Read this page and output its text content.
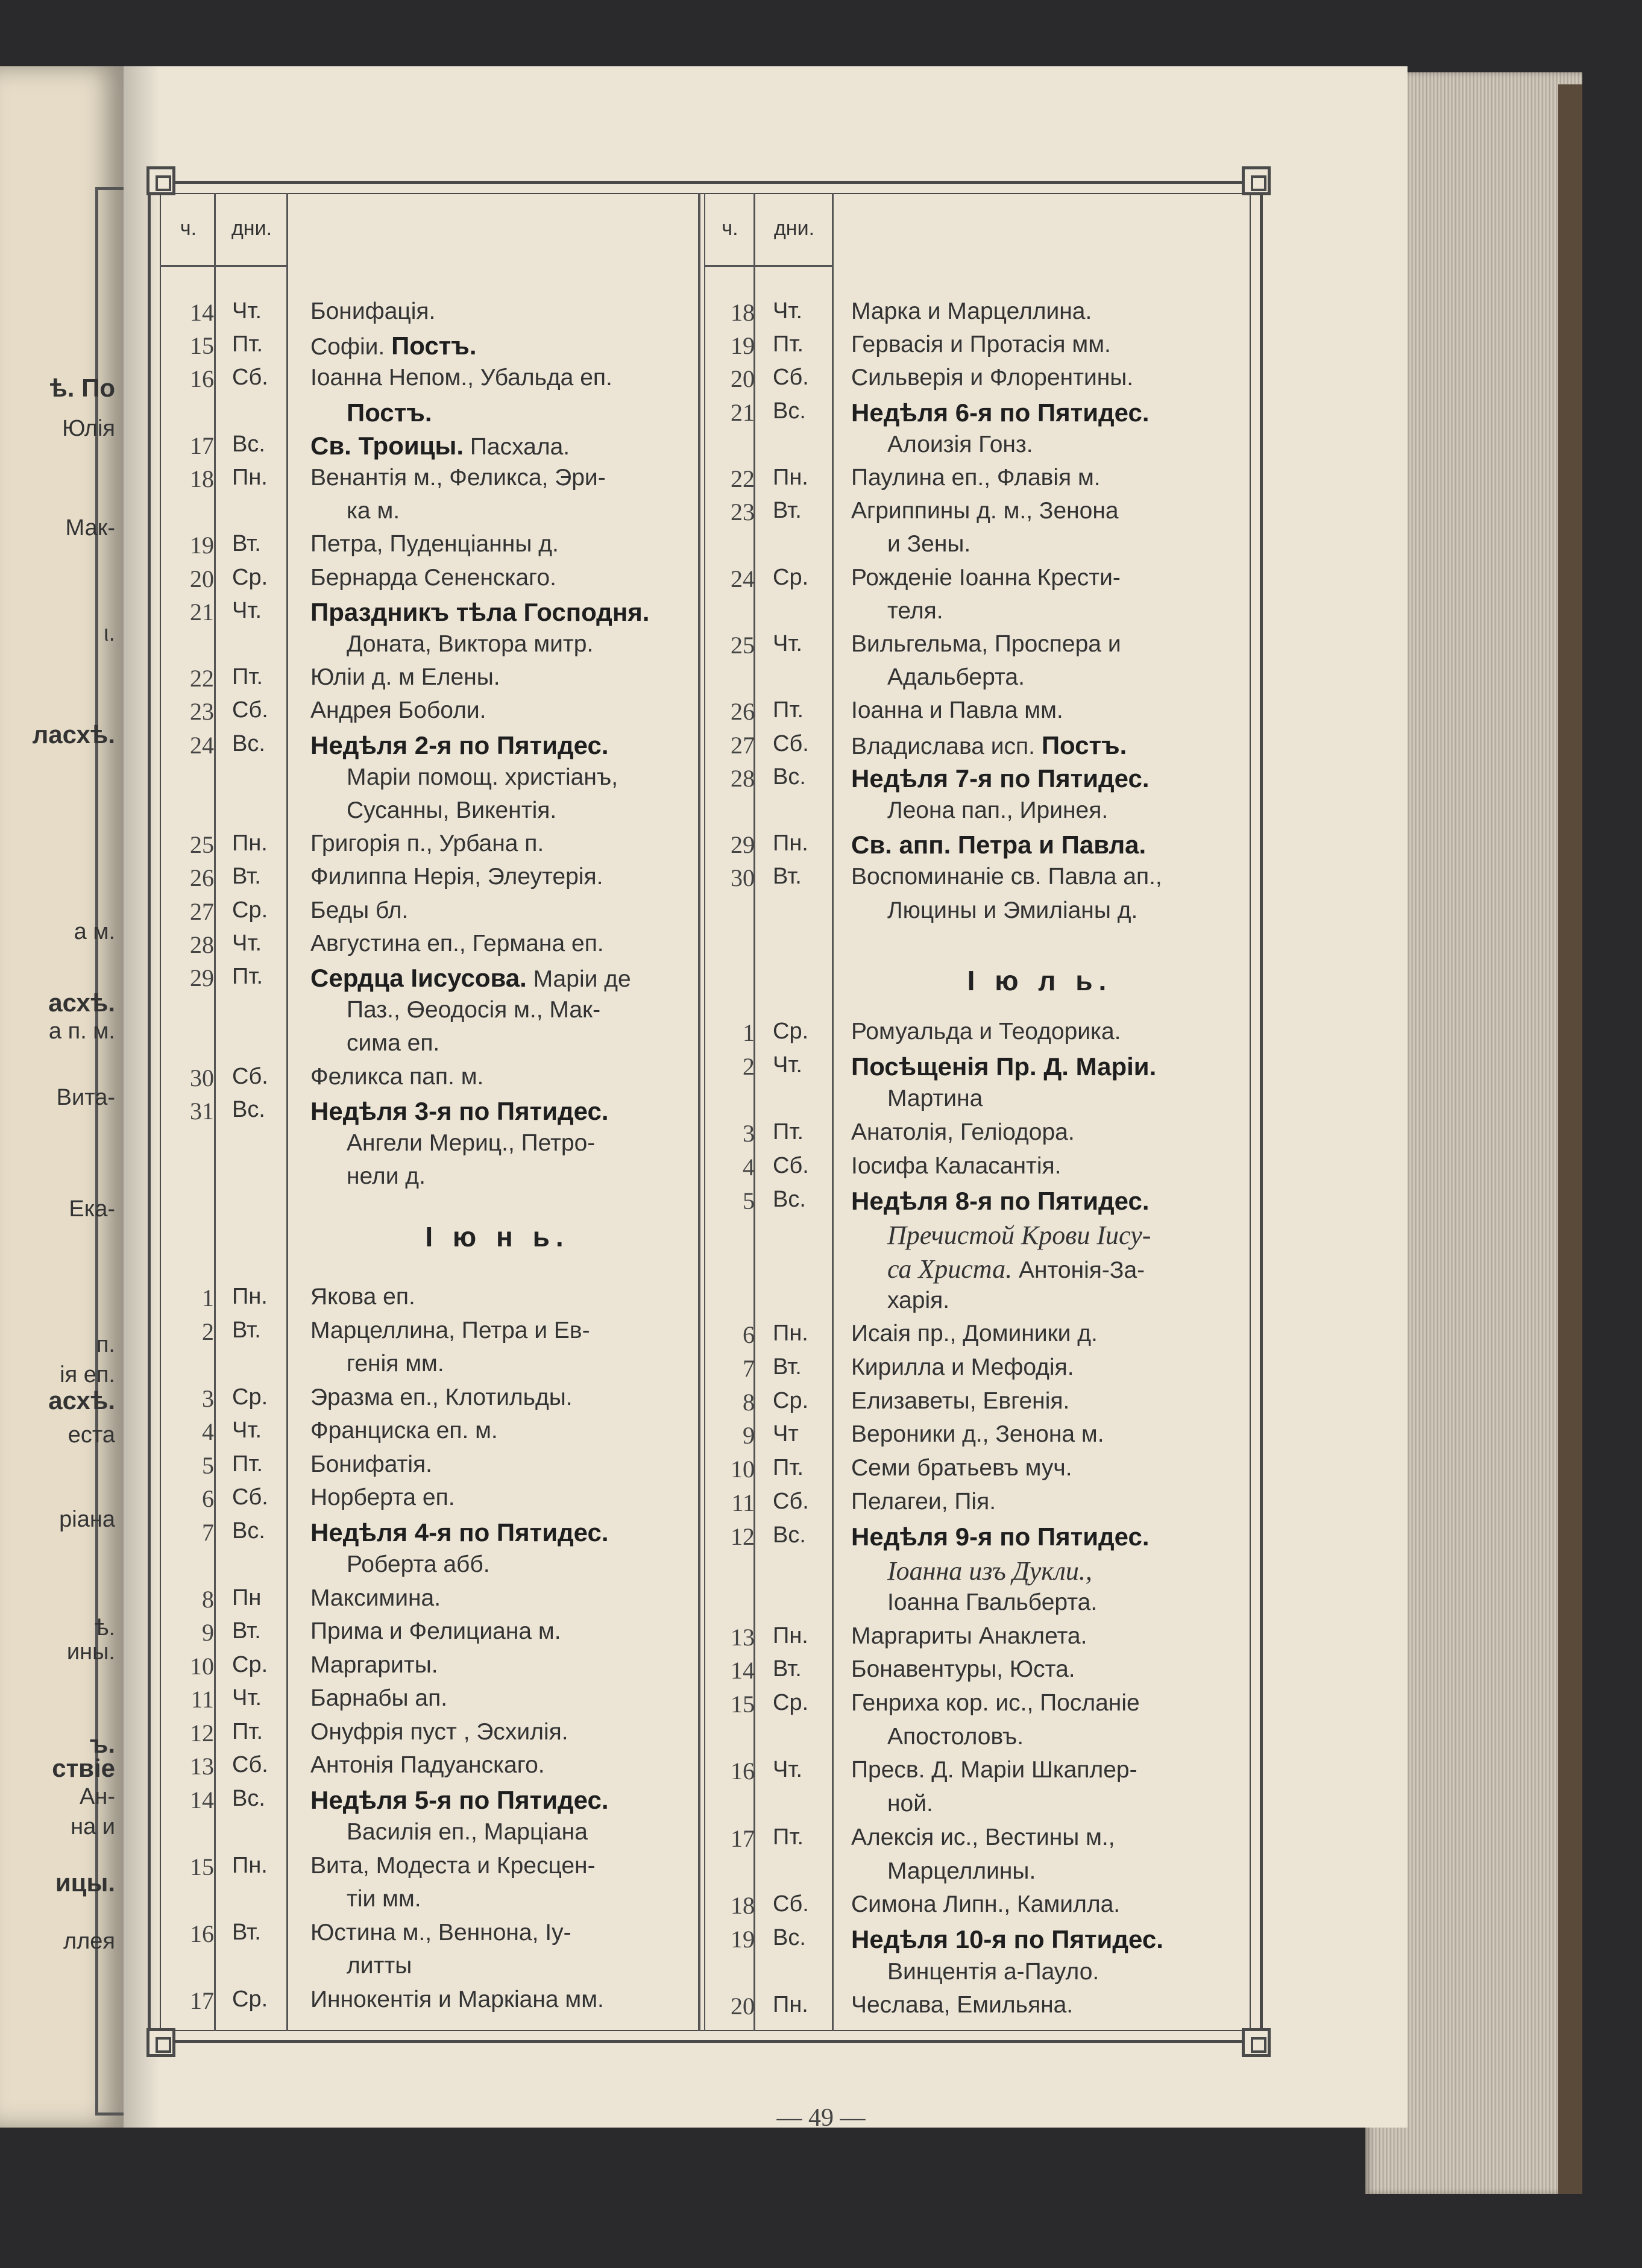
ѣ. По
Юлія
Мак-
ι.
ласхѣ.
а м.
асхѣ.
а п. м.
Вита-
Ека-
п.
ія еп.
асхѣ.
еста
ріана
ѣ.
ины.
ъ.
ствіе
Ан-
на и
ицы.
ллея
ч.	дни.	ч.	дни.
14 Чт.	Бонифація.
15 Пт.	Софіи. Постъ.
16 Сб.	Іоанна Непом., Убальда еп.
Постъ.
17 Вс.	Св. Троицы. Пасхала.
18 Пн.	Венантія м., Феликса, Эри-
ка м.
19 Вт.	Петра, Пуденціанны д.
20 Ср.	Бернарда Сененскаго.
21 Чт.	Праздникъ тѣла Господня.
Доната, Виктора митр.
22 Пт.	Юліи д. м Елены.
23 Сб.	Андрея Боболи.
24 Вс.	Недѣля 2-я по Пятидес.
Маріи помощ. христіанъ,
Сусанны, Викентія.
25 Пн.	Григорія п., Урбана п.
26 Вт.	Филиппа Нерія, Элеутерія.
27 Ср.	Беды бл.
28 Чт.	Августина еп., Германа еп.
29 Пт.	Сердца Іисусова. Маріи де
Паз., Өеодосія м., Мак-
сима еп.
30 Сб.	Феликса пап. м.
31 Вс.	Недѣля 3-я по Пятидес.
Ангели Мериц., Петро-
нели д.
І ю н ь.
1 Пн.	Якова еп.
2 Вт.	Марцеллина, Петра и Ев-
генія мм.
3 Ср.	Эразма еп., Клотильды.
4 Чт.	Франциска еп. м.
5 Пт.	Бонифатія.
6 Сб.	Норберта еп.
7 Вс.	Недѣля 4-я по Пятидес.
Роберта абб.
8 Пн	Максимина.
9 Вт.	Прима и Фелициана м.
10 Ср.	Маргариты.
11 Чт.	Барнабы ап.
12 Пт.	Онуфрія пуст , Эсхилія.
13 Сб.	Антонія Падуанскаго.
14 Вс.	Недѣля 5-я по Пятидес.
Василія еп., Марціана
15 Пн.	Вита, Модеста и Кресцен-
тіи мм.
16 Вт.	Юстина м., Веннона, Іу-
литты
17 Ср.	Иннокентія и Маркіана мм.
18 Чт.	Марка и Марцеллина.
19 Пт.	Гервасія и Протасія мм.
20 Сб.	Сильверія и Флорентины.
21 Вс.	Недѣля 6-я по Пятидес.
Алоизія Гонз.
22 Пн.	Паулина еп., Флавія м.
23 Вт.	Агриппины д. м., Зенона
и Зены.
24 Ср.	Рожденіе Іоанна Крести-
теля.
25 Чт.	Вильгельма, Проспера и
Адальберта.
26 Пт.	Іоанна и Павла мм.
27 Сб.	Владислава исп. Постъ.
28 Вс.	Недѣля 7-я по Пятидес.
Леона пап., Иринея.
29 Пн.	Св. апп. Петра и Павла.
30 Вт.	Воспоминаніе св. Павла ап.,
Люцины и Эмиліаны д.
І ю л ь.
1 Ср.	Ромуальда и Теодорика.
2 Чт.	Посѣщенія Пр. Д. Маріи.
Мартина
3 Пт.	Анатолія, Геліодора.
4 Сб.	Іосифа Каласантія.
5 Вс.	Недѣля 8-я по Пятидес.
Пречистой Крови Іису-
са Христа. Антонія-За-
харія.
6 Пн.	Исаія пр., Доминики д.
7 Вт.	Кирилла и Мефодія.
8 Ср.	Елизаветы, Евгенія.
9 Чт	Вероники д., Зенона м.
10 Пт.	Семи братьевъ муч.
11 Сб.	Пелагеи, Пія.
12 Вс.	Недѣля 9-я по Пятидес.
Іоанна изъ Дукли.,
Іоанна Гвальберта.
13 Пн.	Маргариты Анаклета.
14 Вт.	Бонавентуры, Юста.
15 Ср.	Генриха кор. ис., Посланіе
Апостоловъ.
16 Чт.	Пресв. Д. Маріи Шкаплер-
ной.
17 Пт.	Алексія ис., Вестины м.,
Марцеллины.
18 Сб.	Симона Липн., Камилла.
19 Вс.	Недѣля 10-я по Пятидес.
Винцентія а-Пауло.
20 Пн.	Чеслава, Емильяна.
— 49 —
